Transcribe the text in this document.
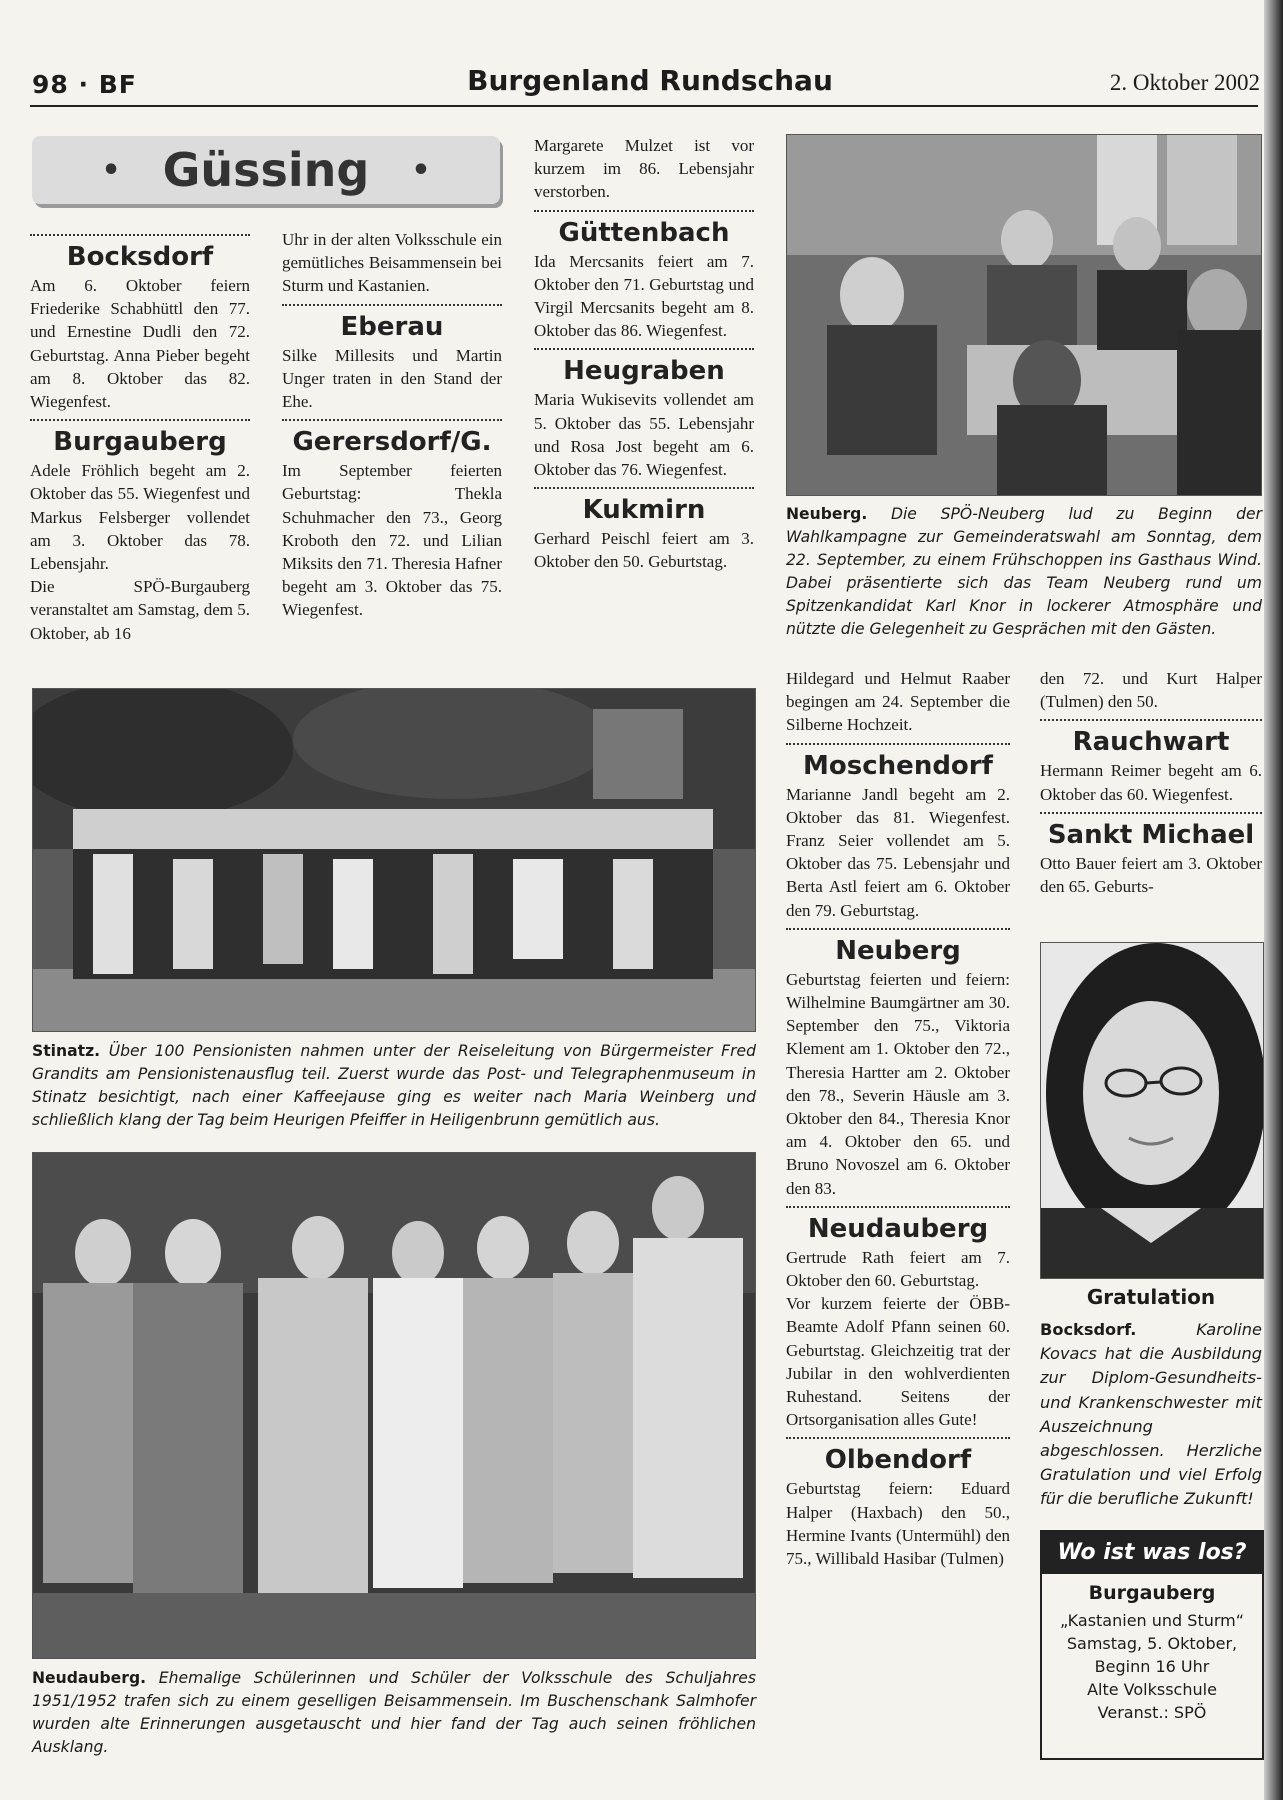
98 · BF	Burgenland Rundschau	2. Oktober 2002
• Güssing •
Bocksdorf

Am 6. Oktober feiern Friederike Schabhüttl den 77. und Ernestine Dudli den 72. Geburtstag. Anna Pieber begeht am 8. Oktober das 82. Wiegenfest.

Burgauberg

Adele Fröhlich begeht am 2. Oktober das 55. Wiegenfest und Markus Felsberger vollendet am 3. Oktober das 78. Lebensjahr.

Die SPÖ-Burgauberg veranstaltet am Samstag, dem 5. Oktober, ab 16

Uhr in der alten Volksschule ein gemütliches Beisammensein bei Sturm und Kastanien.

Eberau

Silke Millesits und Martin Unger traten in den Stand der Ehe.

Gerersdorf/G.

Im September feierten Geburtstag: Thekla Schuhmacher den 73., Georg Kroboth den 72. und Lilian Miksits den 71. Theresia Hafner begeht am 3. Oktober das 75. Wiegenfest.

Margarete Mulzet ist vor kurzem im 86. Lebensjahr verstorben.

Güttenbach

Ida Mercsanits feiert am 7. Oktober den 71. Geburtstag und Virgil Mercsanits begeht am 8. Oktober das 86. Wiegenfest.

Heugraben

Maria Wukisevits vollendet am 5. Oktober das 55. Lebensjahr und Rosa Jost begeht am 6. Oktober das 76. Wiegenfest.

Kukmirn

Gerhard Peischl feiert am 3. Oktober den 50. Geburtstag.

Neuberg. Die SPÖ-Neuberg lud zu Beginn der Wahlkampagne zur Gemeinderatswahl am Sonntag, dem 22. September, zu einem Frühschoppen ins Gasthaus Wind. Dabei präsentierte sich das Team Neuberg rund um Spitzenkandidat Karl Knor in lockerer Atmosphäre und nützte die Gelegenheit zu Gesprächen mit den Gästen.
Stinatz. Über 100 Pensionisten nahmen unter der Reiseleitung von Bürgermeister Fred Grandits am Pensionistenausflug teil. Zuerst wurde das Post- und Telegraphenmuseum in Stinatz besichtigt, nach einer Kaffeejause ging es weiter nach Maria Weinberg und schließlich klang der Tag beim Heurigen Pfeiffer in Heiligenbrunn gemütlich aus.
Neudauberg. Ehemalige Schülerinnen und Schüler der Volksschule des Schuljahres 1951/1952 trafen sich zu einem geselligen Beisammensein. Im Buschenschank Salmhofer wurden alte Erinnerungen ausgetauscht und hier fand der Tag auch seinen fröhlichen Ausklang.

Hildegard und Helmut Raaber begingen am 24. September die Silberne Hochzeit.

Moschendorf

Marianne Jandl begeht am 2. Oktober das 81. Wiegenfest. Franz Seier vollendet am 5. Oktober das 75. Lebensjahr und Berta Astl feiert am 6. Oktober den 79. Geburtstag.

Neuberg

Geburtstag feierten und feiern: Wilhelmine Baumgärtner am 30. September den 75., Viktoria Klement am 1. Oktober den 72., Theresia Hartter am 2. Oktober den 78., Severin Häusle am 3. Oktober den 84., Theresia Knor am 4. Oktober den 65. und Bruno Novoszel am 6. Oktober den 83.

Neudauberg

Gertrude Rath feiert am 7. Oktober den 60. Geburtstag.

Vor kurzem feierte der ÖBB-Beamte Adolf Pfann seinen 60. Geburtstag. Gleichzeitig trat der Jubilar in den wohlverdienten Ruhestand. Seitens der Ortsorganisation alles Gute!

Olbendorf

Geburtstag feiern: Eduard Halper (Haxbach) den 50., Hermine Ivants (Untermühl) den 75., Willibald Hasibar (Tulmen)

den 72. und Kurt Halper (Tulmen) den 50.

Rauchwart

Hermann Reimer begeht am 6. Oktober das 60. Wiegenfest.

Sankt Michael

Otto Bauer feiert am 3. Oktober den 65. Geburts-

Gratulation
Bocksdorf. Karoline Kovacs hat die Ausbildung zur Diplom-Gesundheits- und Krankenschwester mit Auszeichnung abgeschlossen. Herzliche Gratulation und viel Erfolg für die berufliche Zukunft!
Wo ist was los?
Burgauberg
„Kastanien und Sturm“
Samstag, 5. Oktober,
Beginn 16 Uhr
Alte Volksschule
Veranst.: SPÖ
